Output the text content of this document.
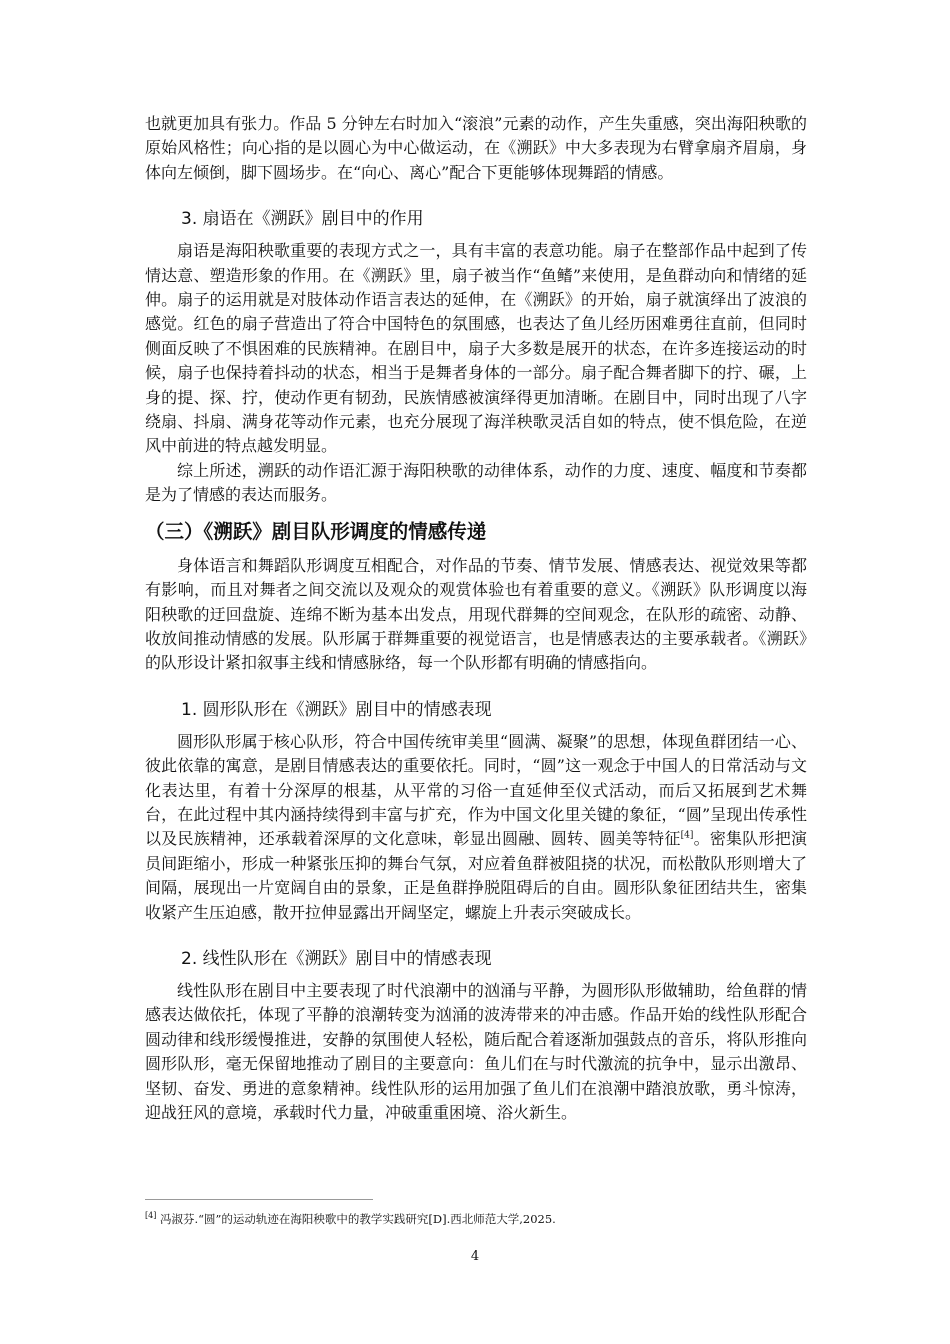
也就更加具有张力。作品 5 分钟左右时加入“滚浪”元素的动作，产生失重感，突出海阳秧歌的原始风格性；向心指的是以圆心为中心做运动，在《溯跃》中大多表现为右臂拿扇齐眉扇，身体向左倾倒，脚下圆场步。在“向心、离心”配合下更能够体现舞蹈的情感。

3. 扇语在《溯跃》剧目中的作用

扇语是海阳秧歌重要的表现方式之一，具有丰富的表意功能。扇子在整部作品中起到了传情达意、塑造形象的作用。在《溯跃》里，扇子被当作“鱼鳍”来使用，是鱼群动向和情绪的延伸。扇子的运用就是对肢体动作语言表达的延伸，在《溯跃》的开始，扇子就演绎出了波浪的感觉。红色的扇子营造出了符合中国特色的氛围感，也表达了鱼儿经历困难勇往直前，但同时侧面反映了不惧困难的民族精神。在剧目中，扇子大多数是展开的状态，在许多连接运动的时候，扇子也保持着抖动的状态，相当于是舞者身体的一部分。扇子配合舞者脚下的拧、碾，上身的提、探、拧，使动作更有韧劲，民族情感被演绎得更加清晰。在剧目中，同时出现了八字绕扇、抖扇、满身花等动作元素，也充分展现了海洋秧歌灵活自如的特点，使不惧危险，在逆风中前进的特点越发明显。

综上所述，溯跃的动作语汇源于海阳秧歌的动律体系，动作的力度、速度、幅度和节奏都是为了情感的表达而服务。

（三）《溯跃》剧目队形调度的情感传递

身体语言和舞蹈队形调度互相配合，对作品的节奏、情节发展、情感表达、视觉效果等都有影响，而且对舞者之间交流以及观众的观赏体验也有着重要的意义。《溯跃》队形调度以海阳秧歌的迂回盘旋、连绵不断为基本出发点，用现代群舞的空间观念，在队形的疏密、动静、收放间推动情感的发展。队形属于群舞重要的视觉语言，也是情感表达的主要承载者。《溯跃》的队形设计紧扣叙事主线和情感脉络，每一个队形都有明确的情感指向。

1. 圆形队形在《溯跃》剧目中的情感表现

圆形队形属于核心队形，符合中国传统审美里“圆满、凝聚”的思想，体现鱼群团结一心、彼此依靠的寓意，是剧目情感表达的重要依托。同时，“圆”这一观念于中国人的日常活动与文化表达里，有着十分深厚的根基，从平常的习俗一直延伸至仪式活动，而后又拓展到艺术舞台，在此过程中其内涵持续得到丰富与扩充，作为中国文化里关键的象征，“圆”呈现出传承性以及民族精神，还承载着深厚的文化意味，彰显出圆融、圆转、圆美等特征[4]。密集队形把演员间距缩小，形成一种紧张压抑的舞台气氛，对应着鱼群被阻挠的状况，而松散队形则增大了间隔，展现出一片宽阔自由的景象，正是鱼群挣脱阻碍后的自由。圆形队象征团结共生，密集收紧产生压迫感，散开拉伸显露出开阔坚定，螺旋上升表示突破成长。

2. 线性队形在《溯跃》剧目中的情感表现

线性队形在剧目中主要表现了时代浪潮中的汹涌与平静，为圆形队形做辅助，给鱼群的情感表达做依托，体现了平静的浪潮转变为汹涌的波涛带来的冲击感。作品开始的线性队形配合圆动律和线形缓慢推进，安静的氛围使人轻松，随后配合着逐渐加强鼓点的音乐，将队形推向圆形队形，毫无保留地推动了剧目的主要意向：鱼儿们在与时代激流的抗争中，显示出激昂、坚韧、奋发、勇进的意象精神。线性队形的运用加强了鱼儿们在浪潮中踏浪放歌，勇斗惊涛，迎战狂风的意境，承载时代力量，冲破重重困境、浴火新生。

[4] 冯淑芬.“圆”的运动轨迹在海阳秧歌中的教学实践研究[D].西北师范大学,2025.
4
